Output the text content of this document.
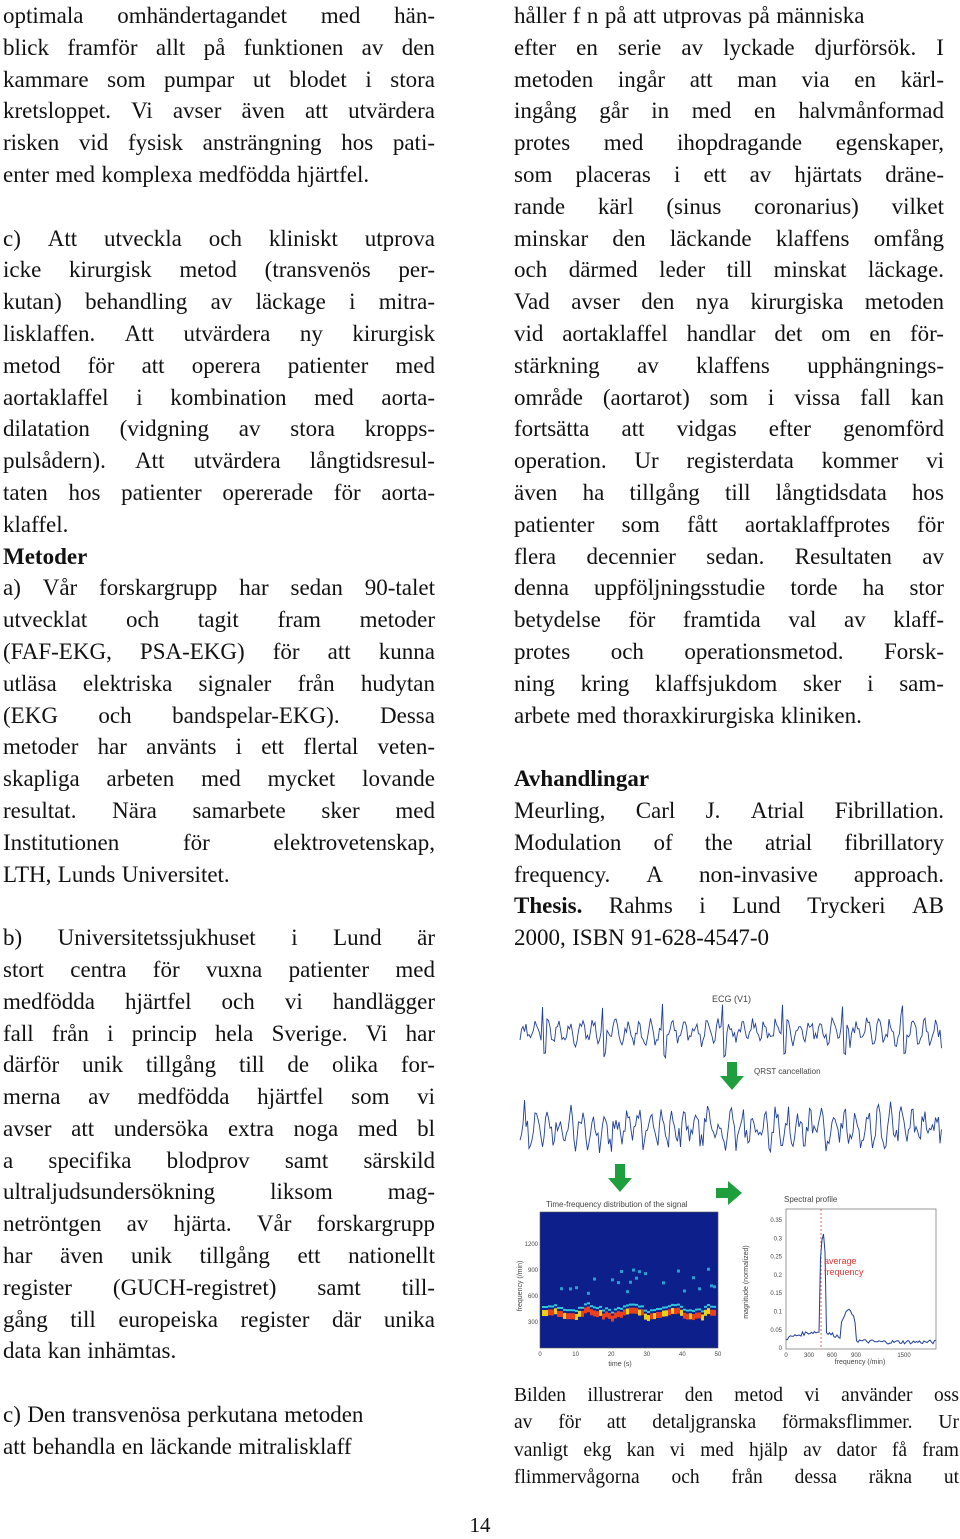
optimala omhändertagandet med hän-
blick framför allt på funktionen av den
kammare som pumpar ut blodet i stora
kretsloppet. Vi avser även att utvärdera
risken vid fysisk ansträngning hos pati-
enter med komplexa medfödda hjärtfel.
c) Att utveckla och kliniskt utprova
icke kirurgisk metod (transvenös per-
kutan) behandling av läckage i mitra-
lisklaffen. Att utvärdera ny kirurgisk
metod för att operera patienter med
aortaklaffel i kombination med aorta-
dilatation (vidgning av stora kropps-
pulsådern). Att utvärdera långtidsresul-
taten hos patienter opererade för aorta-
klaffel.
Metoder
a) Vår forskargrupp har sedan 90-talet
utvecklat och tagit fram metoder
(FAF-EKG, PSA-EKG) för att kunna
utläsa elektriska signaler från hudytan
(EKG och bandspelar-EKG). Dessa
metoder har använts i ett flertal veten-
skapliga arbeten med mycket lovande
resultat. Nära samarbete sker med
Institutionen	för	elektrovetenskap,
LTH, Lunds Universitet.
b) Universitetssjukhuset i Lund är
stort centra för vuxna patienter med
medfödda hjärtfel och vi handlägger
fall från i princip hela Sverige. Vi har
därför unik tillgång till de olika for-
merna av medfödda hjärtfel som vi
avser att undersöka extra noga med bl
a specifika blodprov samt särskild
ultraljudsundersökning liksom mag-
netröntgen av hjärta. Vår forskargrupp
har även unik tillgång ett nationellt
register (GUCH-registret) samt till-
gång till europeiska register där unika
data kan inhämtas.
c) Den transvenösa perkutana metoden
att behandla en läckande mitralisklaff
håller f n på att utprovas på människa
efter en serie av lyckade djurförsök. I
metoden ingår att man via en kärl-
ingång går in med en halvmånformad
protes med ihopdragande egenskaper,
som placeras i ett av hjärtats dräne-
rande kärl (sinus coronarius) vilket
minskar den läckande klaffens omfång
och därmed leder till minskat läckage.
Vad avser den nya kirurgiska metoden
vid aortaklaffel handlar det om en för-
stärkning av klaffens upphängnings-
område (aortarot) som i vissa fall kan
fortsätta att vidgas efter genomförd
operation. Ur registerdata kommer vi
även ha tillgång till långtidsdata hos
patienter som fått aortaklaffprotes för
flera decennier sedan. Resultaten av
denna uppföljningsstudie torde ha stor
betydelse för framtida val av klaff-
protes och operationsmetod. Forsk-
ning kring klaffsjukdom sker i sam-
arbete med thoraxkirurgiska kliniken.
Avhandlingar
Meurling, Carl J. Atrial Fibrillation.
Modulation of the atrial fibrillatory
frequency. A non-invasive approach.
Thesis. Rahms i Lund Tryckeri AB
2000, ISBN 91-628-4547-0
ECG (V1)
QRST cancellation
Time-frequency distribution of the signal
frequency (/min)
time (s)
1200
900
600
300
0	10	20	30	40	50
Spectral profile
magnitude (normalized)
frequency (/min)
0.35
0.3
0.25
0.2
0.15
0.1
0.05
0
0	300 600 900	1500
average
frequency
Bilden illustrerar den metod vi använder oss
av för att detaljgranska förmaksflimmer. Ur
vanligt ekg kan vi med hjälp av dator få fram
flimmervågorna och från dessa räkna ut
14
